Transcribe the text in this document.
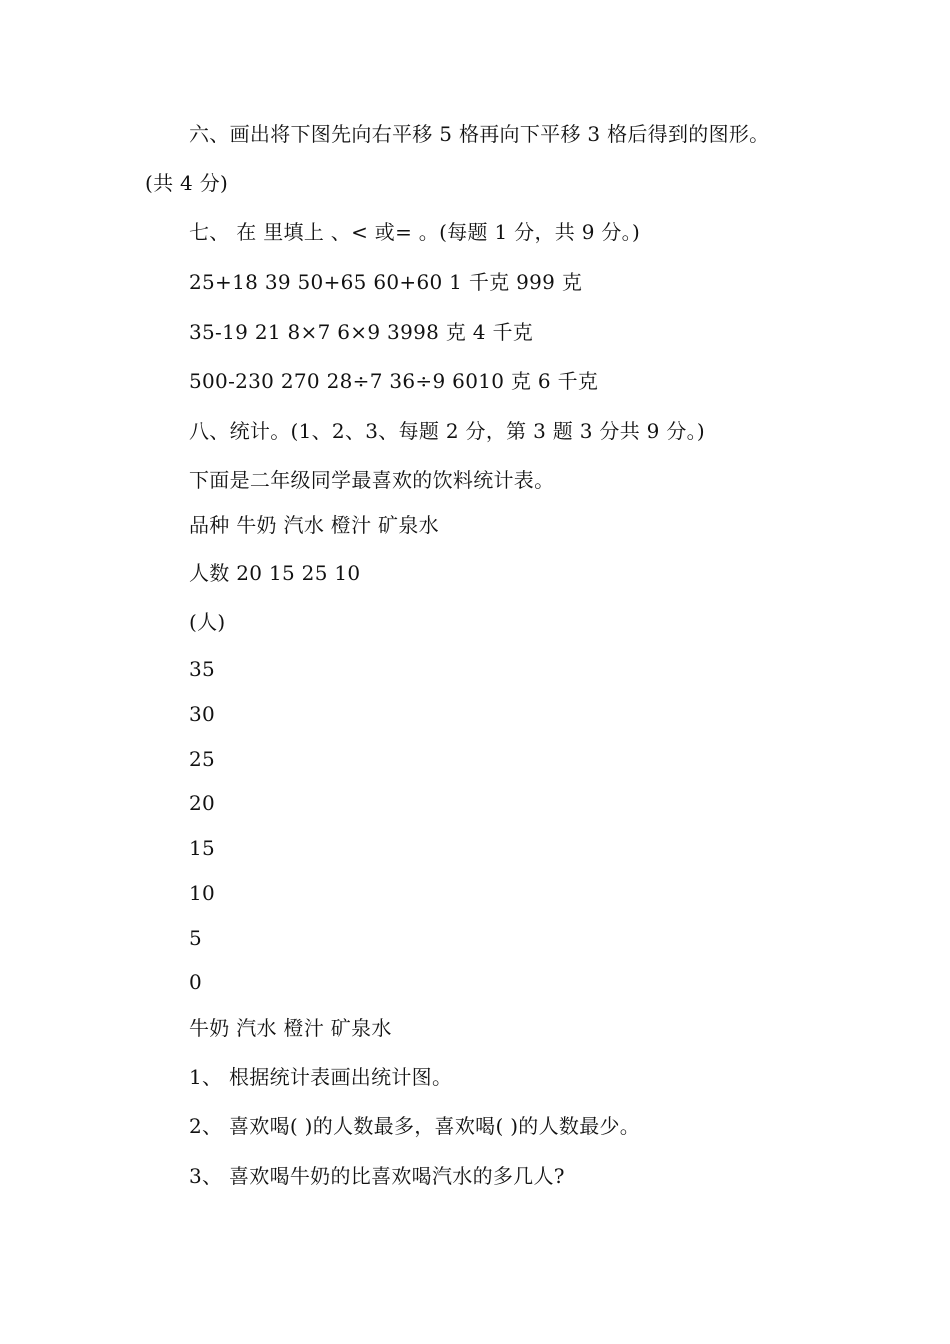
六、画出将下图先向右平移 5 格再向下平移 3 格后得到的图形。
(共 4 分)
七、 在 里填上 、< 或= 。(每题 1 分，共 9 分。)
25+18 39 50+65 60+60 1 千克 999 克
35-19 21 8×7 6×9 3998 克 4 千克
500-230 270 28÷7 36÷9 6010 克 6 千克
八、统计。(1、2、3、每题 2 分，第 3 题 3 分共 9 分。)
下面是二年级同学最喜欢的饮料统计表。
品种 牛奶 汽水 橙汁 矿泉水
人数 20 15 25 10
(人)
35
30
25
20
15
10
5
0
牛奶 汽水 橙汁 矿泉水
1、 根据统计表画出统计图。
2、 喜欢喝( )的人数最多，喜欢喝( )的人数最少。
3、 喜欢喝牛奶的比喜欢喝汽水的多几人?
